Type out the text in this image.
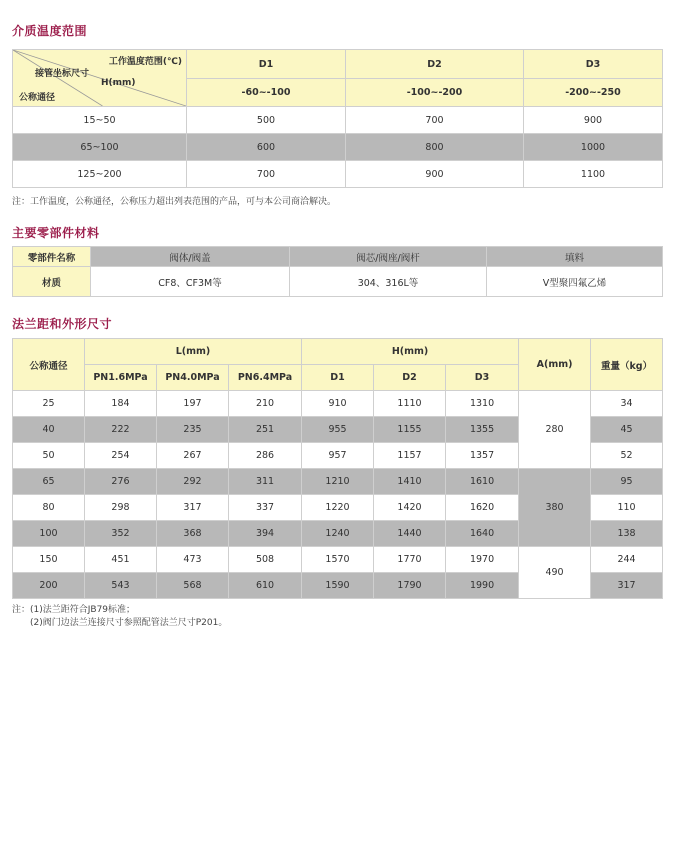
介质温度范围
工作温度范围(℃)
接管坐标尺寸
H(mm)
公称通径	D1	D2	D3
	-60~-100	-100~-200	-200~-250
15~50	500	700	900
65~100	600	800	1000
125~200	700	900	1100
注：工作温度，公称通径，公称压力超出列表范围的产品，可与本公司商洽解决。
主要零部件材料
零部件名称	阀体/阀盖	阀芯/阀座/阀杆	填料
材质	CF8、CF3M等	304、316L等	V型聚四氟乙烯
法兰距和外形尺寸
公称通径	L(mm)			H(mm)			A(mm)	重量（kg）
	PN1.6MPa	PN4.0MPa	PN6.4MPa	D1	D2	D3		
25	184	197	210	910	1110	1310	280	34
40	222	235	251	955	1155	1355		45
50	254	267	286	957	1157	1357		52
65	276	292	311	1210	1410	1610	380	95
80	298	317	337	1220	1420	1620		110
100	352	368	394	1240	1440	1640		138
150	451	473	508	1570	1770	1970	490	244
200	543	568	610	1590	1790	1990		317
注：(1)法兰距符合JB79标准；
(2)阀门边法兰连接尺寸参照配管法兰尺寸P201。
